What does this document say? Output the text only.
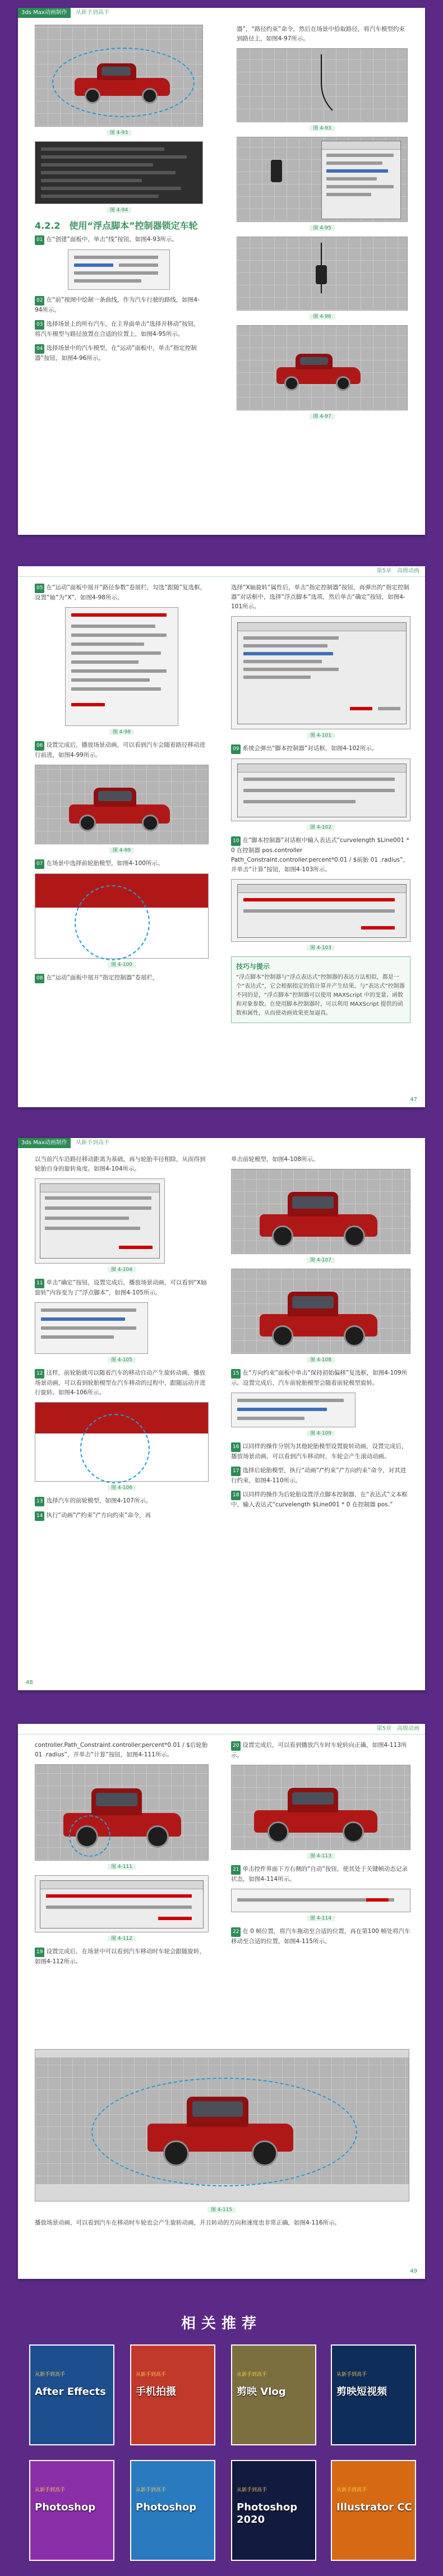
3ds Max动画制作 从新手到高手
图 4-93
图 4-94
4.2.2　使用“浮点脚本”控制器锁定车轮

01 在“创建”面板中，单击“线”按钮，如图4-93所示。

02 在“前”视图中绘制一条曲线，作为汽车行驶的路线，如图4-94所示。

03 选择场景上的所有汽车，在主界面单击“选择并移动”按钮，将汽车模型与路径放置在合适的位置上，如图4-95所示。

04 选择场景中的汽车模型，在“运动”面板中，单击“指定控制器”按钮，如图4-96所示。

器”，“路径约束”命令，然后在场景中拾取路径，将汽车模型约束到路径上，如图4-97所示。

图 4-93
图 4-95
图 4-96
图 4-97
第5章　高级动画

05 在“运动”面板中展开“路径参数”卷展栏，勾选“跟随”复选框，设置“轴”为“X”，如图4-98所示。

图 4-98

06 设置完成后，播放场景动画，可以看到汽车会随着路径移动进行前进，如图4-99所示。

图 4-99

07 在场景中选择前轮胎模型，如图4-100所示。

图 4-100

08 在“运动”面板中展开“指定控制器”卷展栏，

选择“X轴旋转”属性后，单击“指定控制器”按钮，再弹出的“指定控制器”对话框中，选择“浮点脚本”选项，然后单击“确定”按钮，如图4-101所示。

图 4-101

09 系统会弹出“脚本控制器”对话框，如图4-102所示。

图 4-102

10 在“脚本控制器”对话框中输入表达式“curvelength $Line001 * 0 在控制器 pos.controller Path_Constraint.controller.percent*0.01 / $前胎 01 .radius”，并单击“计算”按钮，如图4-103所示。

图 4-103
技巧与提示
“浮点脚本”控制器与“浮点表达式”控制器的表达方法相似，都是一个“表达式”，它会根据指定的值计算并产生结果。与“表达式”控制器不同的是，“浮点脚本”控制器可以使用 MAXScript 中的变量、函数和对象参数。在使用脚本控制器时，可以利用 MAXScript 提供的函数和属性，从而使动画效果更加逼真。
47
3ds Max动画制作 从新手到高手

以当前汽车沿路径移动距离为基础，再与轮胎半径相除，从而得到轮胎自身的旋转角度。如图4-104所示。

图 4-104

11 单击“确定”按钮，设置完成后，播放场景动画，可以看到“X轴旋转”内容变为了“浮点脚本”，如图4-105所示。

图 4-105

12 这样，前轮胎就可以随着汽车的移动自动产生旋转动画，播放场景动画，可以看到轮胎模型在汽车移动的过程中，跟随运动并进行旋转。如图4-106所示。

图 4-106

13 选择汽车的前轮模型，如图4-107所示。

14 执行“动画”/“约束”/“方向约束”命令，再

单击前轮模型，如图4-108所示。

图 4-107
图 4-108

15 在“方向约束”面板中单击“保持初始偏移”复选框，如图4-109所示。设置完成后，汽车前轮胎模型会随着前轮模型旋转。

图 4-109

16 以同样的操作分别为其他轮胎模型设置旋转动画，设置完成后，播放场景动画，可以看到汽车移动时，车轮会产生滚动动画。

17 选择后轮胎模型，执行“动画”/“约束”/“方向约束”命令，对其进行约束，如图4-110所示。

18 以同样的操作为后轮胎设置浮点脚本控制器，在“表达式”文本框中，输入表达式“curvelength $Line001 * 0 在控制器 pos.”

48
第5章　高级动画

controller.Path_Constraint.controller.percent*0.01 / $后轮胎 01 .radius”，并单击“计算”按钮，如图4-111所示。

图 4-111
图 4-112

19 设置完成后，在场景中可以看到汽车移动时车轮会跟随旋转，如图4-112所示。

20 设置完成后，可以看到播放汽车时车轮转向正确，如图4-113所示。

图 4-113

21 单击控件界面下方右侧的“自动”按钮，使其处于关键帧动态记录状态，如图4-114所示。

图 4-114

22 在 0 帧位置，将汽车拖动至合适的位置，再在第100 帧处将汽车移动至合适的位置，如图4-115所示。

图 4-115

播放场景动画，可以看到汽车在移动时车轮也会产生旋转动画，并且转动的方向和速度也非常正确，如图4-116所示。

49
相关推荐
从新手到高手
After Effects
从新手到高手
手机拍摄
从新手到高手
剪映 Vlog
从新手到高手
剪映短视频
从新手到高手
Photoshop
从新手到高手
Photoshop
从新手到高手
Photoshop 2020
从新手到高手
Illustrator CC
